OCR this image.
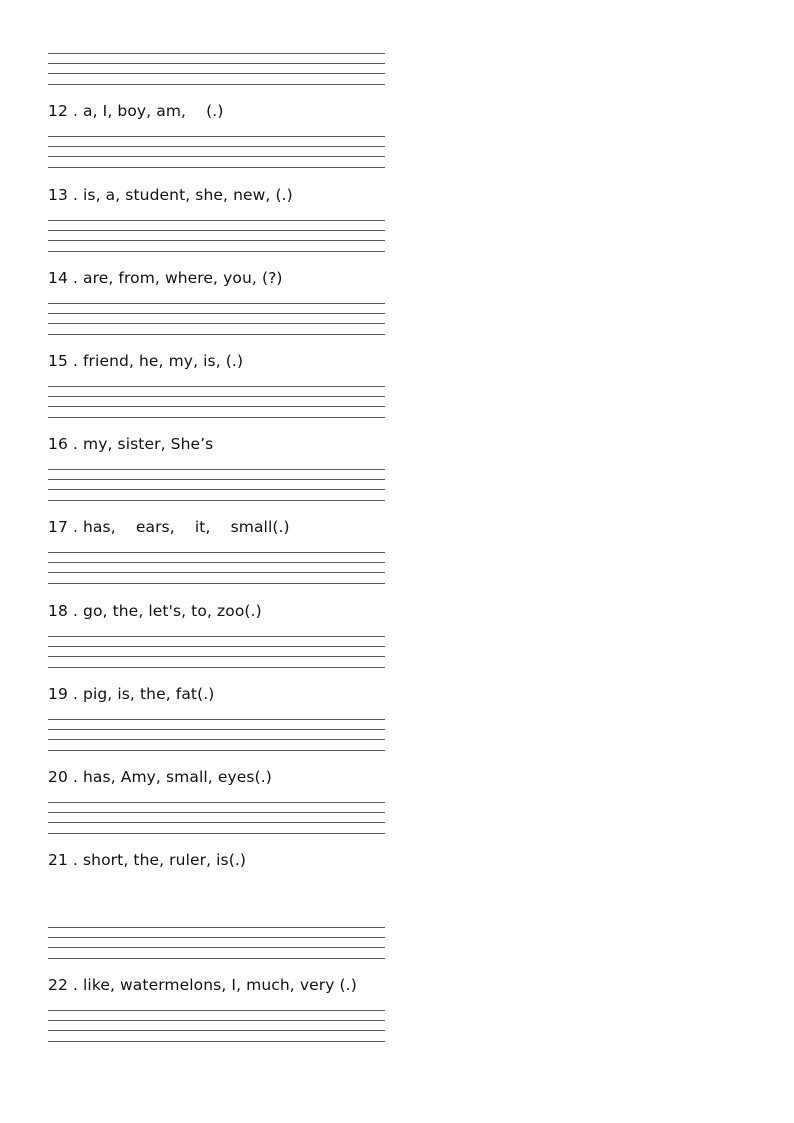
12 . a, I, boy, am,    (.)
13 . is, a, student, she, new, (.)
14 . are, from, where, you, (?)
15 . friend, he, my, is, (.)
16 . my, sister, She’s
17 . has,    ears,    it,    small(.)
18 . go, the, let's, to, zoo(.)
19 . pig, is, the, fat(.)
20 . has, Amy, small, eyes(.)
21 . short, the, ruler, is(.)
22 . like, watermelons, I, much, very (.)
